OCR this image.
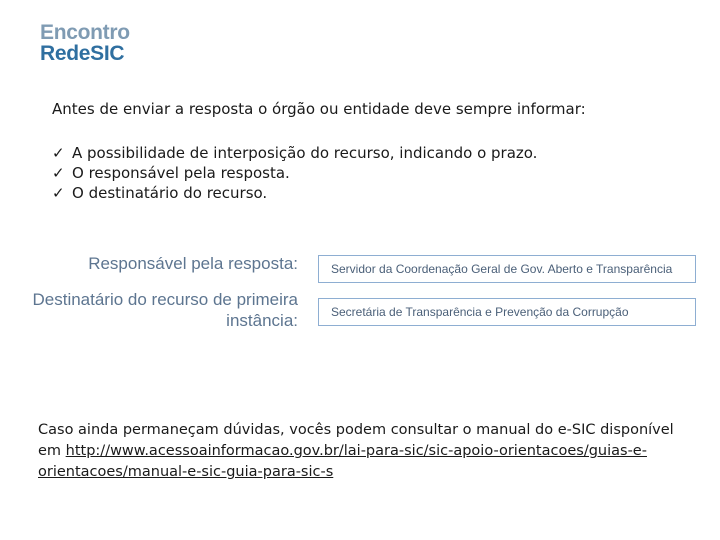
Encontro
RedeSIC
Antes de enviar a resposta o órgão ou entidade deve sempre informar:
✓ A possibilidade de interposição do recurso, indicando o prazo.
✓ O responsável pela resposta.
✓ O destinatário do recurso.
Responsável pela resposta:	Servidor da Coordenação Geral de Gov. Aberto e Transparência
Destinatário do recurso de primeira instância:	Secretária de Transparência e Prevenção da Corrupção
Caso ainda permaneçam dúvidas, vocês podem consultar o manual do e-SIC disponível em http://www.acessoainformacao.gov.br/lai-para-sic/sic-apoio-orientacoes/guias-e-orientacoes/manual-e-sic-guia-para-sic-s
